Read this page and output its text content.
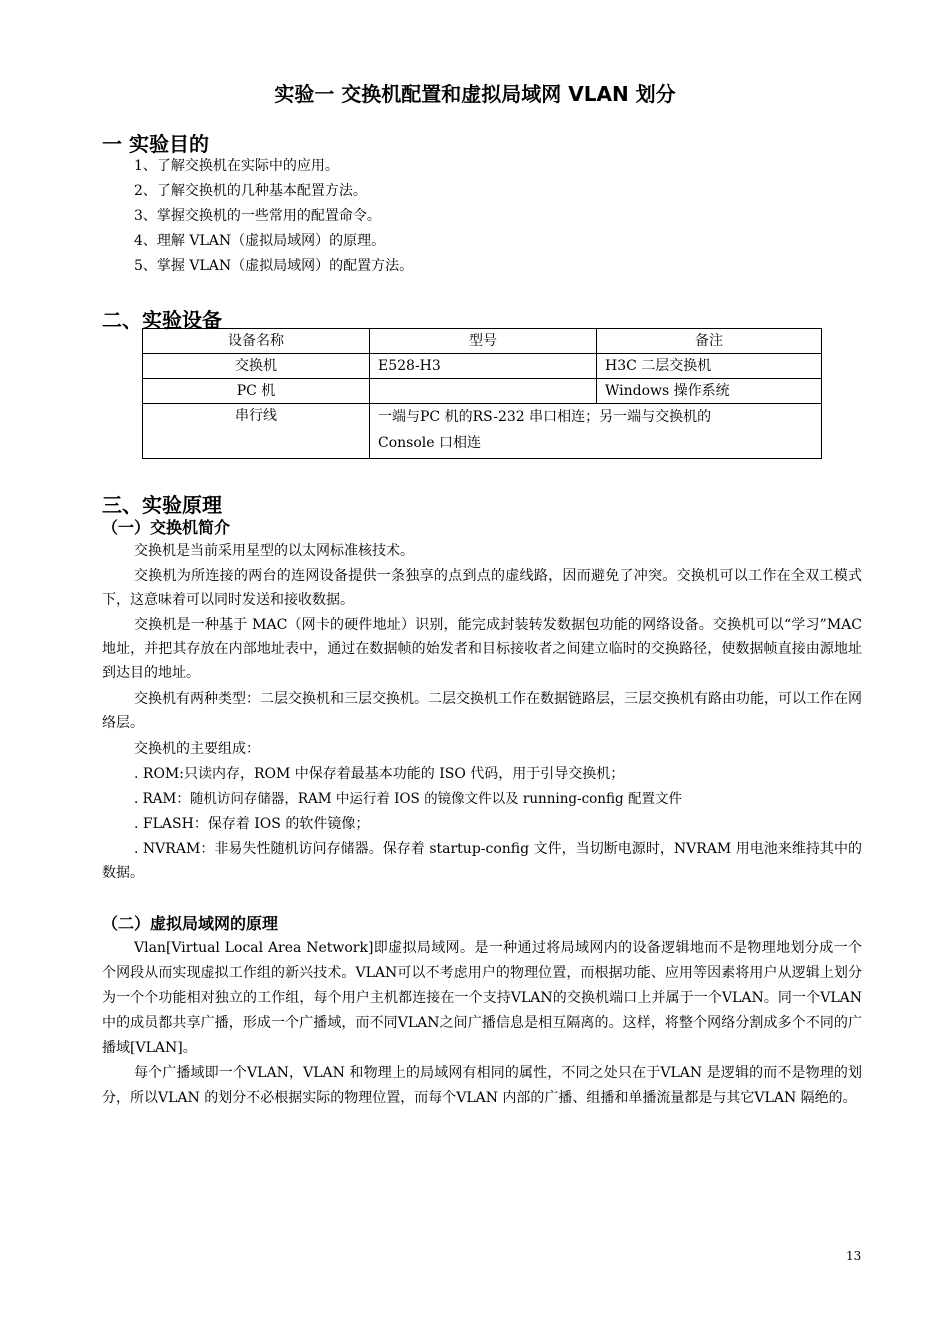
实验一 交换机配置和虚拟局域网 VLAN 划分
一 实验目的
1、了解交换机在实际中的应用。
2、了解交换机的几种基本配置方法。
3、掌握交换机的一些常用的配置命令。
4、理解 VLAN（虚拟局域网）的原理。
5、掌握 VLAN（虚拟局域网）的配置方法。
二、实验设备
设备名称	型号	备注
交换机	E528-H3	H3C 二层交换机
PC 机		Windows 操作系统
串行线	一端与PC 机的RS-232 串口相连；另一端与交换机的
Console 口相连	
三、实验原理
（一）交换机简介
交换机是当前采用星型的以太网标准核技术。
交换机为所连接的两台的连网设备提供一条独享的点到点的虚线路，因而避免了冲突。交换机可以工作在全双工模式下，这意味着可以同时发送和接收数据。
交换机是一种基于 MAC（网卡的硬件地址）识别，能完成封装转发数据包功能的网络设备。交换机可以“学习”MAC 地址，并把其存放在内部地址表中，通过在数据帧的始发者和目标接收者之间建立临时的交换路径，使数据帧直接由源地址到达目的地址。
交换机有两种类型：二层交换机和三层交换机。二层交换机工作在数据链路层，三层交换机有路由功能，可以工作在网络层。
交换机的主要组成：
. ROM:只读内存，ROM 中保存着最基本功能的 ISO 代码，用于引导交换机；
. RAM：随机访问存储器，RAM 中运行着 IOS 的镜像文件以及 running-config 配置文件
. FLASH：保存着 IOS 的软件镜像；
. NVRAM：非易失性随机访问存储器。保存着 startup-config 文件，当切断电源时，NVRAM 用电池来维持其中的数据。
（二）虚拟局域网的原理
Vlan[Virtual Local Area Network]即虚拟局域网。是一种通过将局域网内的设备逻辑地而不是物理地划分成一个个网段从而实现虚拟工作组的新兴技术。VLAN可以不考虑用户的物理位置，而根据功能、应用等因素将用户从逻辑上划分为一个个功能相对独立的工作组，每个用户主机都连接在一个支持VLAN的交换机端口上并属于一个VLAN。同一个VLAN中的成员都共享广播，形成一个广播域，而不同VLAN之间广播信息是相互隔离的。这样，将整个网络分割成多个不同的广播域[VLAN]。
每个广播域即一个VLAN，VLAN 和物理上的局域网有相同的属性，不同之处只在于VLAN 是逻辑的而不是物理的划分，所以VLAN 的划分不必根据实际的物理位置，而每个VLAN 内部的广播、组播和单播流量都是与其它VLAN 隔绝的。
13
